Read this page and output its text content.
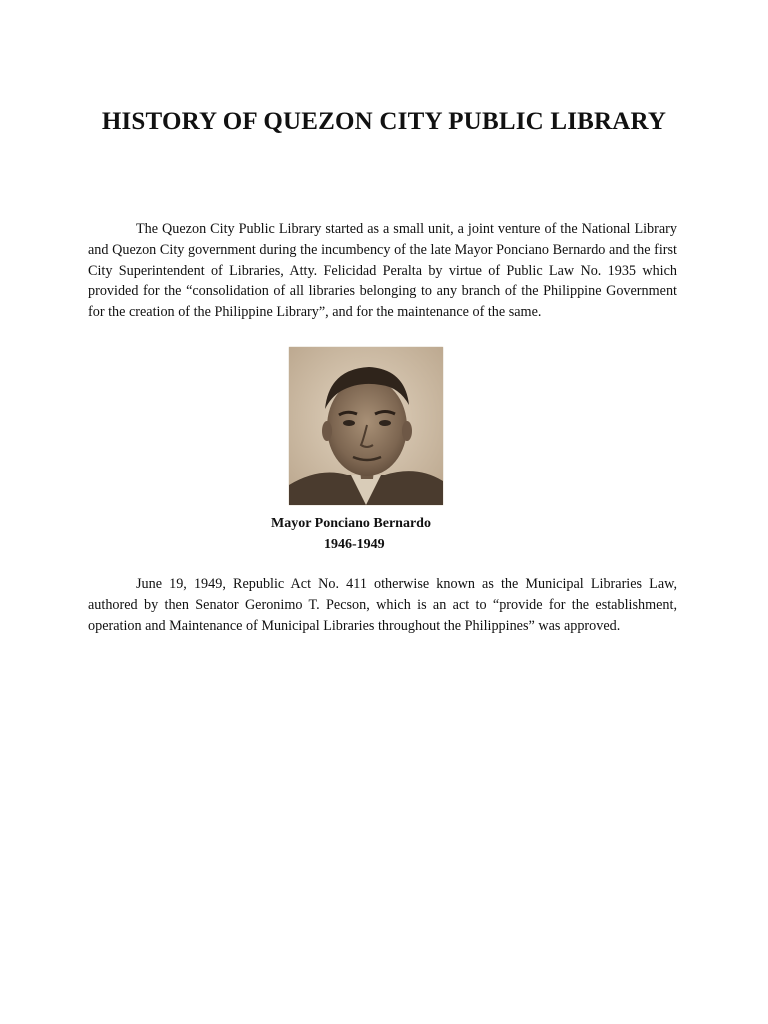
HISTORY OF QUEZON CITY PUBLIC LIBRARY

The Quezon City Public Library started as a small unit, a joint venture of the National Library and Quezon City government during the incumbency of the late Mayor Ponciano Bernardo and the first City Superintendent of Libraries, Atty. Felicidad Peralta by virtue of Public Law No. 1935 which provided for the “consolidation of all libraries belonging to any branch of the Philippine Government for the creation of the Philippine Library”, and for the maintenance of the same.

Mayor Ponciano Bernardo

1946-1949

June 19, 1949, Republic Act No. 411 otherwise known as the Municipal Libraries Law, authored by then Senator Geronimo T. Pecson, which is an act to “provide for the establishment, operation and Maintenance of Municipal Libraries throughout the Philippines” was approved.
